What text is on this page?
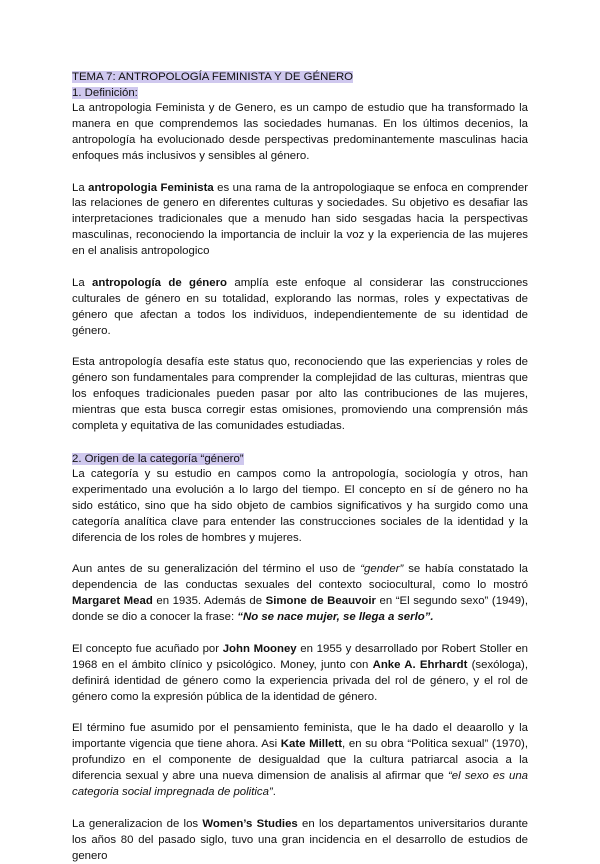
TEMA 7: ANTROPOLOGÍA FEMINISTA Y DE GÉNERO
1. Definición:

La antropologia Feminista y de Genero, es un campo de estudio que ha transformado la manera en que comprendemos las sociedades humanas. En los últimos decenios, la antropología ha evolucionado desde perspectivas predominantemente masculinas hacia enfoques más inclusivos y sensibles al género.

La antropologia Feminista es una rama de la antropologiaque se enfoca en comprender las relaciones de genero en diferentes culturas y sociedades. Su objetivo es desafiar las interpretaciones tradicionales que a menudo han sido sesgadas hacia la perspectivas masculinas, reconociendo la importancia de incluir la voz y la experiencia de las mujeres en el analisis antropologico

La antropología de género amplía este enfoque al considerar las construcciones culturales de género en su totalidad, explorando las normas, roles y expectativas de género que afectan a todos los individuos, independientemente de su identidad de género.

Esta antropología desafía este status quo, reconociendo que las experiencias y roles de género son fundamentales para comprender la complejidad de las culturas, mientras que los enfoques tradicionales pueden pasar por alto las contribuciones de las mujeres, mientras que esta busca corregir estas omisiones, promoviendo una comprensión más completa y equitativa de las comunidades estudiadas.

2. Origen de la categoría “género”

La categoría y su estudio en campos como la antropología, sociología y otros, han experimentado una evolución a lo largo del tiempo. El concepto en sí de género no ha sido estático, sino que ha sido objeto de cambios significativos y ha surgido como una categoría analítica clave para entender las construcciones sociales de la identidad y la diferencia de los roles de hombres y mujeres.

Aun antes de su generalización del término el uso de “gender” se había constatado la dependencia de las conductas sexuales del contexto sociocultural, como lo mostró Margaret Mead en 1935. Además de Simone de Beauvoir en “El segundo sexo” (1949), donde se dio a conocer la frase: “No se nace mujer, se llega a serlo”.

El concepto fue acuñado por John Mooney en 1955 y desarrollado por Robert Stoller en 1968 en el ámbito clínico y psicológico. Money, junto con Anke A. Ehrhardt (sexóloga), definirá identidad de género como la experiencia privada del rol de género, y el rol de género como la expresión pública de la identidad de género.

El término fue asumido por el pensamiento feminista, que le ha dado el deaarollo y la importante vigencia que tiene ahora. Asi Kate Millett, en su obra “Politica sexual” (1970), profundizo en el componente de desigualdad que la cultura patriarcal asocia a la diferencia sexual y abre una nueva dimension de analisis al afirmar que “el sexo es una categoria social impregnada de politica”.

La generalizacion de los Women’s Studies en los departamentos universitarios durante los años 80 del pasado siglo, tuvo una gran incidencia en el desarrollo de estudios de genero
